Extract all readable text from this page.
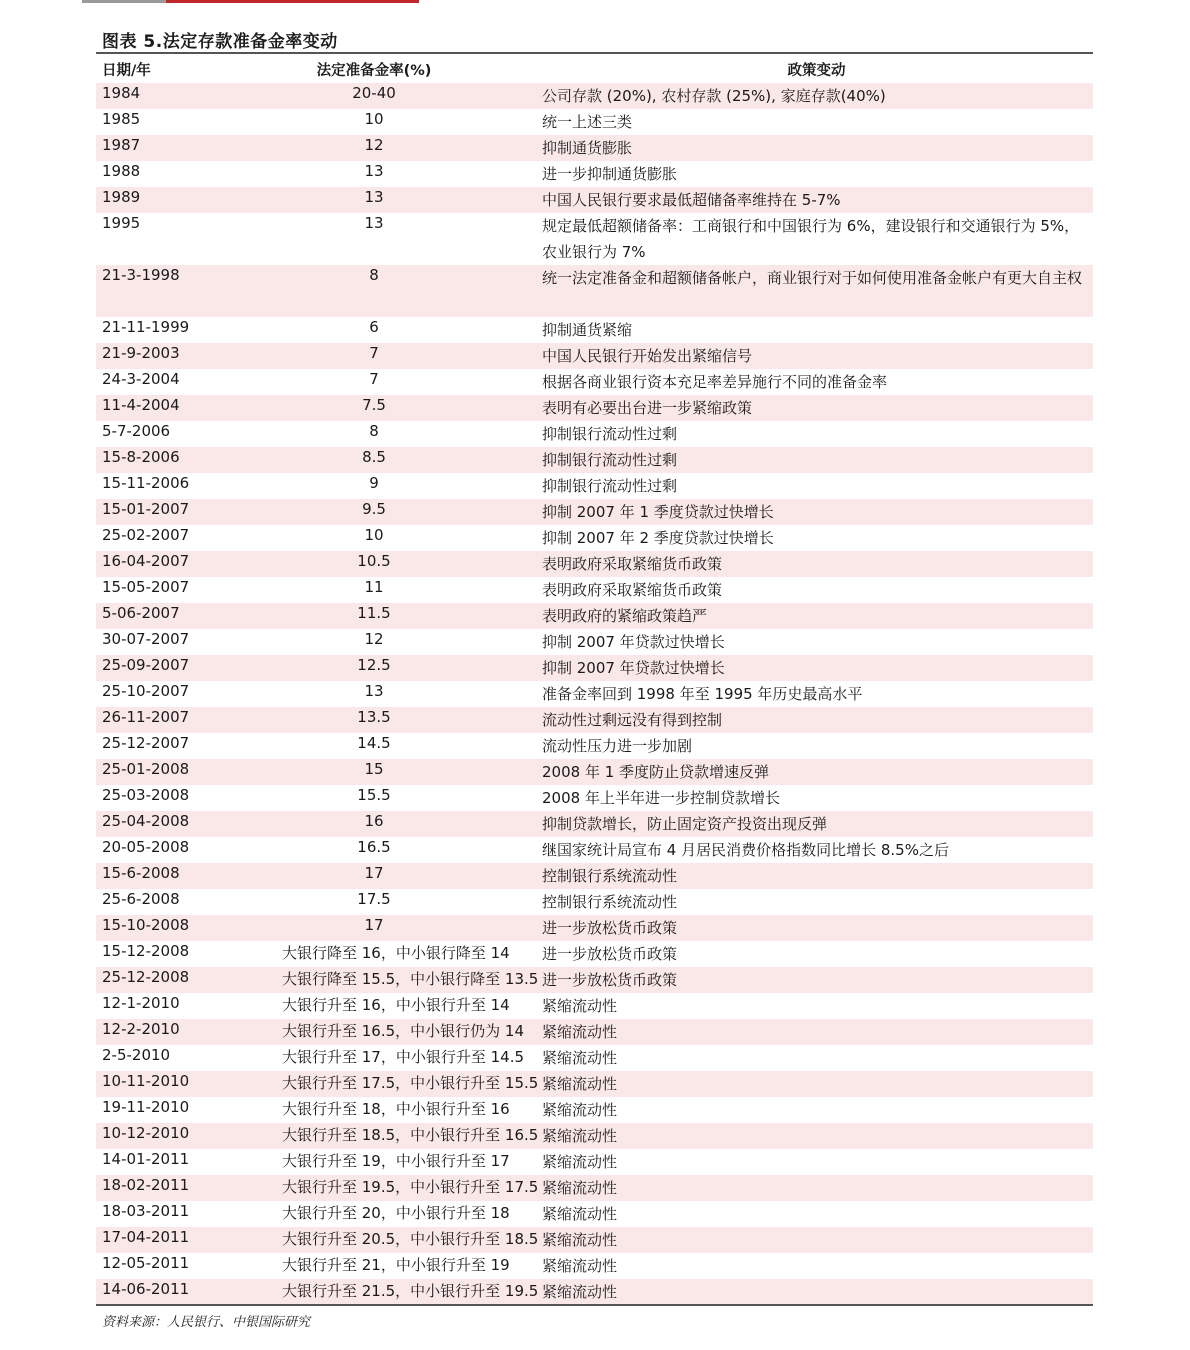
图表 5.法定存款准备金率变动
日期/年	法定准备金率(%)	政策变动
1984	20-40	公司存款 (20%), 农村存款 (25%), 家庭存款(40%)
1985	10	统一上述三类
1987	12	抑制通货膨胀
1988	13	进一步抑制通货膨胀
1989	13	中国人民银行要求最低超储备率维持在 5-7%
1995	13	规定最低超额储备率：工商银行和中国银行为 6%，建设银行和交通银行为 5%，农业银行为 7%
21-3-1998	8	统一法定准备金和超额储备帐户，商业银行对于如何使用准备金帐户有更大自主权
21-11-1999	6	抑制通货紧缩
21-9-2003	7	中国人民银行开始发出紧缩信号
24-3-2004	7	根据各商业银行资本充足率差异施行不同的准备金率
11-4-2004	7.5	表明有必要出台进一步紧缩政策
5-7-2006	8	抑制银行流动性过剩
15-8-2006	8.5	抑制银行流动性过剩
15-11-2006	9	抑制银行流动性过剩
15-01-2007	9.5	抑制 2007 年 1 季度贷款过快增长
25-02-2007	10	抑制 2007 年 2 季度贷款过快增长
16-04-2007	10.5	表明政府采取紧缩货币政策
15-05-2007	11	表明政府采取紧缩货币政策
5-06-2007	11.5	表明政府的紧缩政策趋严
30-07-2007	12	抑制 2007 年贷款过快增长
25-09-2007	12.5	抑制 2007 年贷款过快增长
25-10-2007	13	准备金率回到 1998 年至 1995 年历史最高水平
26-11-2007	13.5	流动性过剩远没有得到控制
25-12-2007	14.5	流动性压力进一步加剧
25-01-2008	15	2008 年 1 季度防止贷款增速反弹
25-03-2008	15.5	2008 年上半年进一步控制贷款增长
25-04-2008	16	抑制贷款增长，防止固定资产投资出现反弹
20-05-2008	16.5	继国家统计局宣布 4 月居民消费价格指数同比增长 8.5%之后
15-6-2008	17	控制银行系统流动性
25-6-2008	17.5	控制银行系统流动性
15-10-2008	17	进一步放松货币政策
15-12-2008	大银行降至 16，中小银行降至 14 进一步放松货币政策
25-12-2008	大银行降至 15.5，中小银行降至 13.5 进一步放松货币政策
12-1-2010	大银行升至 16，中小银行升至 14 紧缩流动性
12-2-2010	大银行升至 16.5，中小银行仍为 14 紧缩流动性
2-5-2010	大银行升至 17，中小银行升至 14.5 紧缩流动性
10-11-2010	大银行升至 17.5，中小银行升至 15.5 紧缩流动性
19-11-2010	大银行升至 18，中小银行升至 16 紧缩流动性
10-12-2010	大银行升至 18.5，中小银行升至 16.5 紧缩流动性
14-01-2011	大银行升至 19，中小银行升至 17 紧缩流动性
18-02-2011	大银行升至 19.5，中小银行升至 17.5 紧缩流动性
18-03-2011	大银行升至 20，中小银行升至 18 紧缩流动性
17-04-2011	大银行升至 20.5，中小银行升至 18.5 紧缩流动性
12-05-2011	大银行升至 21，中小银行升至 19 紧缩流动性
14-06-2011	大银行升至 21.5，中小银行升至 19.5 紧缩流动性
资料来源：人民银行、中银国际研究
